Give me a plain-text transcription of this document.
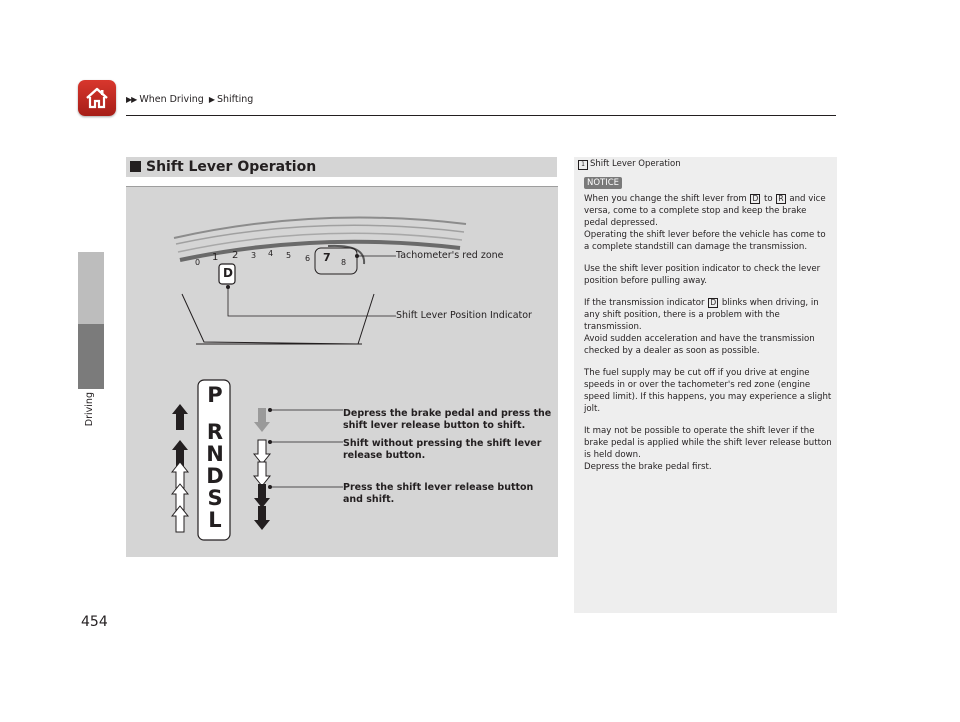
▶▶ When Driving ▶ Shifting
Driving
454
Shift Lever Operation
0 1 2 3 4 5 6 7 8
D
Tachometer's red zone
Shift Lever Position Indicator
Depress the brake pedal and press the
shift lever release button to shift.
Shift without pressing the shift lever
release button.
Press the shift lever release button
and shift.
P
R
N
D
S
L
1 Shift Lever Operation
NOTICE

When you change the shift lever from D to R and vice versa, come to a complete stop and keep the brake pedal depressed.

Operating the shift lever before the vehicle has come to a complete standstill can damage the transmission.

Use the shift lever position indicator to check the lever position before pulling away.

If the transmission indicator D blinks when driving, in any shift position, there is a problem with the transmission.

Avoid sudden acceleration and have the transmission checked by a dealer as soon as possible.

The fuel supply may be cut off if you drive at engine speeds in or over the tachometer's red zone (engine speed limit). If this happens, you may experience a slight jolt.

It may not be possible to operate the shift lever if the brake pedal is applied while the shift lever release button is held down.

Depress the brake pedal first.
